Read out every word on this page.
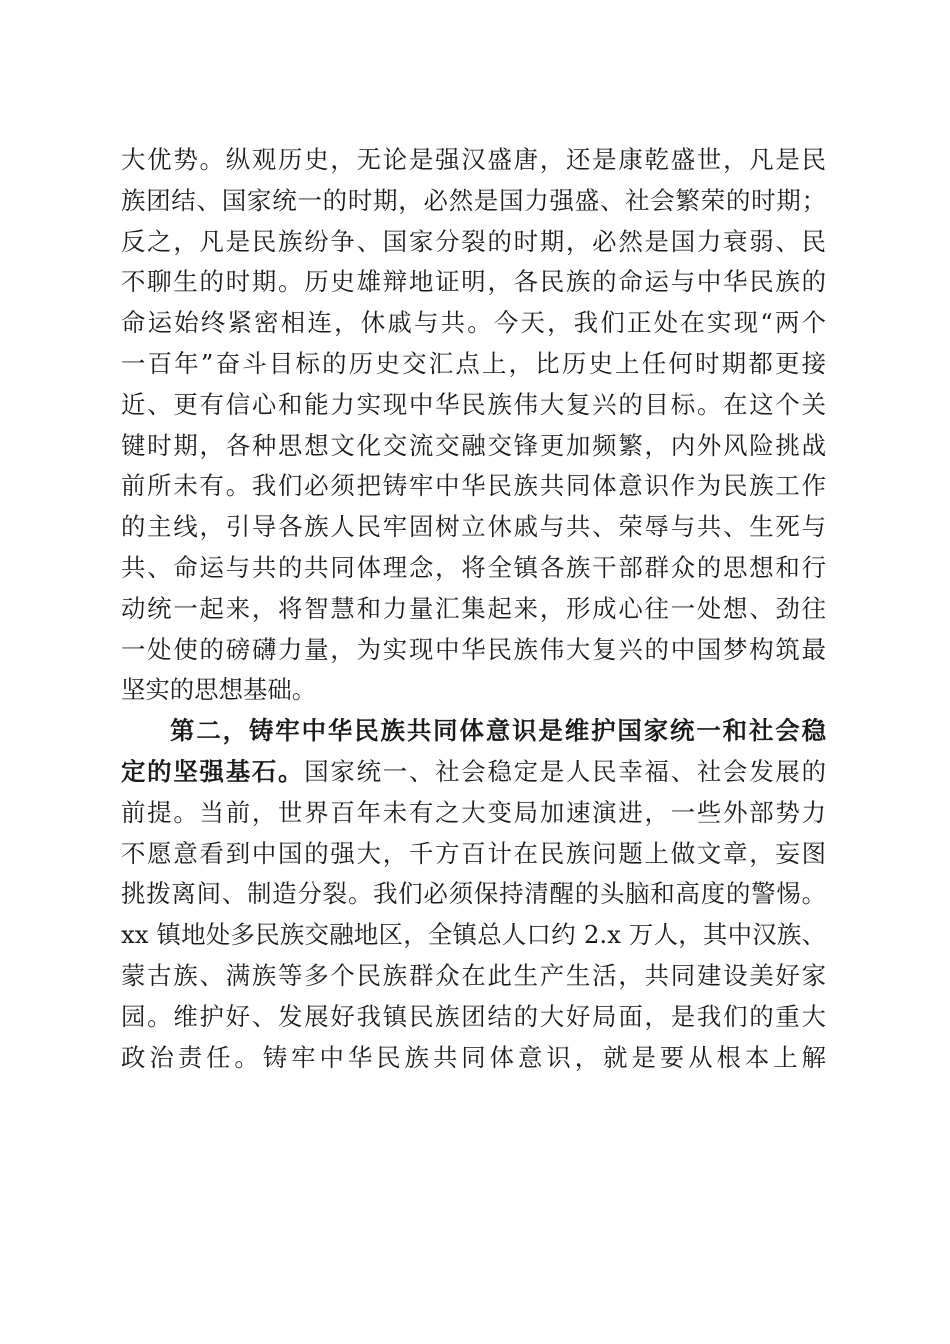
大优势。纵观历史，无论是强汉盛唐，还是康乾盛世，凡是民
族团结、国家统一的时期，必然是国力强盛、社会繁荣的时期；
反之，凡是民族纷争、国家分裂的时期，必然是国力衰弱、民
不聊生的时期。历史雄辩地证明，各民族的命运与中华民族的
命运始终紧密相连，休戚与共。今天，我们正处在实现“两个
一百年”奋斗目标的历史交汇点上，比历史上任何时期都更接
近、更有信心和能力实现中华民族伟大复兴的目标。在这个关
键时期，各种思想文化交流交融交锋更加频繁，内外风险挑战
前所未有。我们必须把铸牢中华民族共同体意识作为民族工作
的主线，引导各族人民牢固树立休戚与共、荣辱与共、生死与
共、命运与共的共同体理念，将全镇各族干部群众的思想和行
动统一起来，将智慧和力量汇集起来，形成心往一处想、劲往
一处使的磅礴力量，为实现中华民族伟大复兴的中国梦构筑最
坚实的思想基础。
第二，铸牢中华民族共同体意识是维护国家统一和社会稳
定的坚强基石。国家统一、社会稳定是人民幸福、社会发展的
前提。当前，世界百年未有之大变局加速演进，一些外部势力
不愿意看到中国的强大，千方百计在民族问题上做文章，妄图
挑拨离间、制造分裂。我们必须保持清醒的头脑和高度的警惕。
xx 镇地处多民族交融地区，全镇总人口约 2.x 万人，其中汉族、
蒙古族、满族等多个民族群众在此生产生活，共同建设美好家
园。维护好、发展好我镇民族团结的大好局面，是我们的重大
政治责任。铸牢中华民族共同体意识，就是要从根本上解
